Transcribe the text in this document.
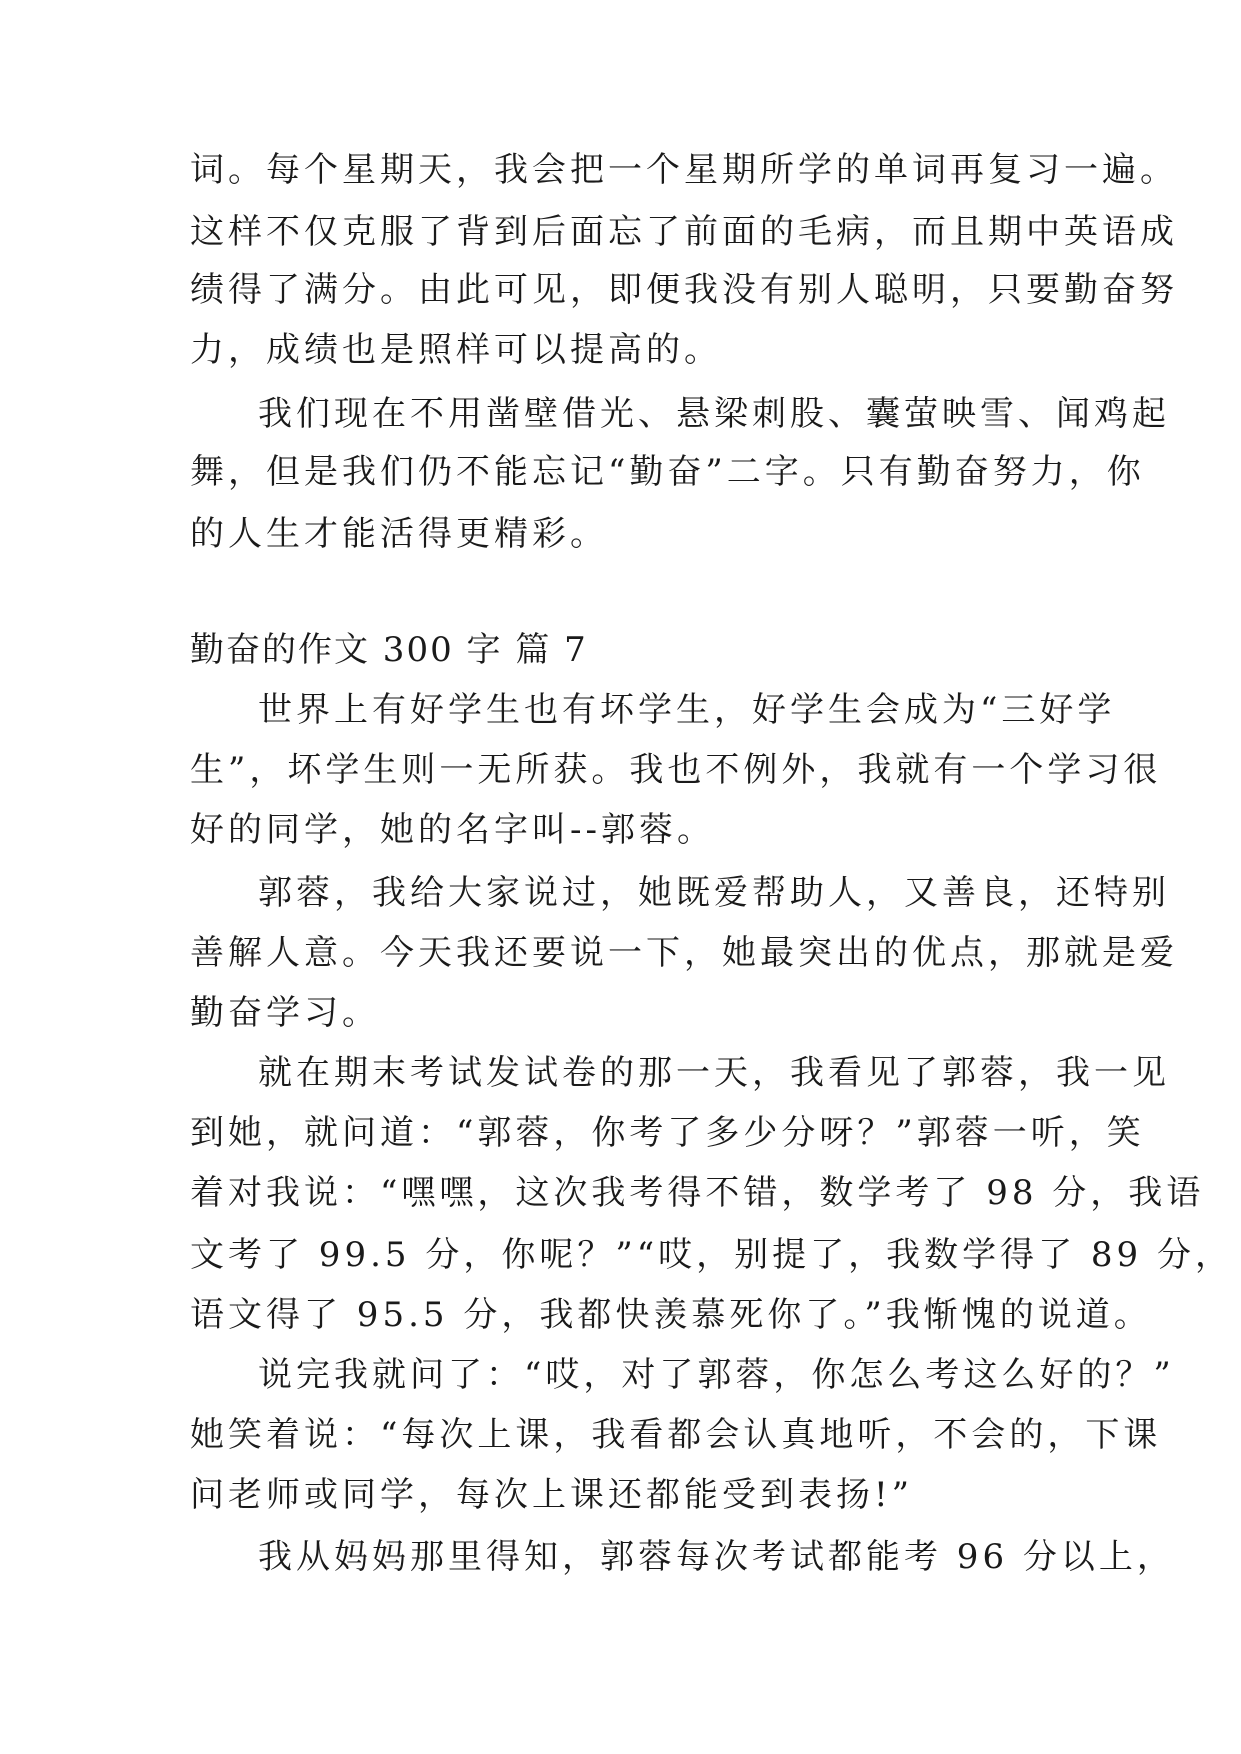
词。每个星期天，我会把一个星期所学的单词再复习一遍。
这样不仅克服了背到后面忘了前面的毛病，而且期中英语成
绩得了满分。由此可见，即便我没有别人聪明，只要勤奋努
力，成绩也是照样可以提高的。
我们现在不用凿壁借光、悬梁刺股、囊萤映雪、闻鸡起
舞，但是我们仍不能忘记“勤奋”二字。只有勤奋努力，你
的人生才能活得更精彩。
勤奋的作文 300 字 篇 7
世界上有好学生也有坏学生，好学生会成为“三好学
生”，坏学生则一无所获。我也不例外，我就有一个学习很
好的同学，她的名字叫--郭蓉。
郭蓉，我给大家说过，她既爱帮助人，又善良，还特别
善解人意。今天我还要说一下，她最突出的优点，那就是爱
勤奋学习。
就在期末考试发试卷的那一天，我看见了郭蓉，我一见
到她，就问道：“郭蓉，你考了多少分呀？”郭蓉一听，笑
着对我说：“嘿嘿，这次我考得不错，数学考了 98 分，我语
文考了 99.5 分，你呢？”“哎，别提了，我数学得了 89 分，
语文得了 95.5 分，我都快羡慕死你了。”我惭愧的说道。
说完我就问了：“哎，对了郭蓉，你怎么考这么好的？”
她笑着说：“每次上课，我看都会认真地听，不会的，下课
问老师或同学，每次上课还都能受到表扬!”
我从妈妈那里得知，郭蓉每次考试都能考 96 分以上，
